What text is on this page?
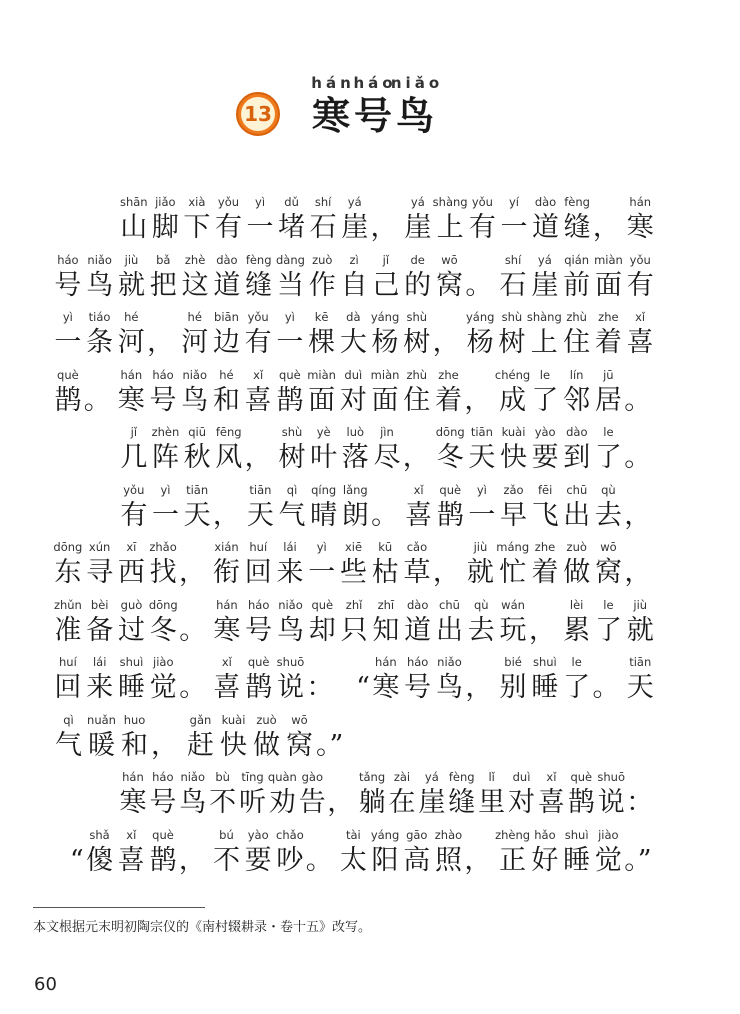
13
hán
寒
háo
号
niǎo
鸟
shān
山
jiǎo
脚
xià
下
yǒu
有
yì
一
dǔ
堵
shí
石
yá
崖 ，
yá
崖
shàng
上
yǒu
有
yí
一
dào
道
fèng
缝 ，
hán
寒
háo
号
niǎo
鸟
jiù
就
bǎ
把
zhè
这
dào
道
fèng
缝
dàng
当
zuò
作
zì
自
jǐ
己
de
的
wō
窝 。
shí
石
yá
崖
qián
前
miàn
面
yǒu
有
yì
一
tiáo
条
hé
河 ，
hé
河
biān
边
yǒu
有
yì
一
kē
棵
dà
大
yáng
杨
shù
树 ，
yáng
杨
shù
树
shàng
上
zhù
住
zhe
着
xǐ
喜
què
鹊 。
hán
寒
háo
号
niǎo
鸟
hé
和
xǐ
喜
què
鹊
miàn
面
duì
对
miàn
面
zhù
住
zhe
着 ，
chéng
成
le
了
lín
邻
jū
居 。
jǐ
几
zhèn
阵
qiū
秋
fēng
风 ，
shù
树
yè
叶
luò
落
jìn
尽 ，
dōng
冬
tiān
天
kuài
快
yào
要
dào
到
le
了 。
yǒu
有
yì
一
tiān
天 ，
tiān
天
qì
气
qíng
晴
lǎng
朗 。
xǐ
喜
què
鹊
yì
一
zǎo
早
fēi
飞
chū
出
qù
去 ，
dōng
东
xún
寻
xī
西
zhǎo
找 ，
xián
衔
huí
回
lái
来
yì
一
xiē
些
kū
枯
cǎo
草 ，
jiù
就
máng
忙
zhe
着
zuò
做
wō
窝 ，
zhǔn
准
bèi
备
guò
过
dōng
冬 。
hán
寒
háo
号
niǎo
鸟
què
却
zhǐ
只
zhī
知
dào
道
chū
出
qù
去
wán
玩 ，
lèi
累
le
了
jiù
就
huí
回
lái
来
shuì
睡
jiào
觉 。
xǐ
喜
què
鹊
shuō
说 ： “
hán
寒
háo
号
niǎo
鸟 ，
bié
别
shuì
睡
le
了 。
tiān
天
qì
气
nuǎn
暖
huo
和 ，
gǎn
赶
kuài
快
zuò
做
wō
窝 。”
hán
寒
háo
号
niǎo
鸟
bù
不
tīng
听
quàn
劝
gào
告 ，
tǎng
躺
zài
在
yá
崖
fèng
缝
lǐ
里
duì
对
xǐ
喜
què
鹊
shuō
说 ：
“
shǎ
傻
xǐ
喜
què
鹊 ，
bú
不
yào
要
chǎo
吵 。
tài
太
yáng
阳
gāo
高
zhào
照 ，
zhèng
正
hǎo
好
shuì
睡
jiào
觉 。”
本文根据元末明初陶宗仪的《南村辍耕录・卷十五》改写。
60
